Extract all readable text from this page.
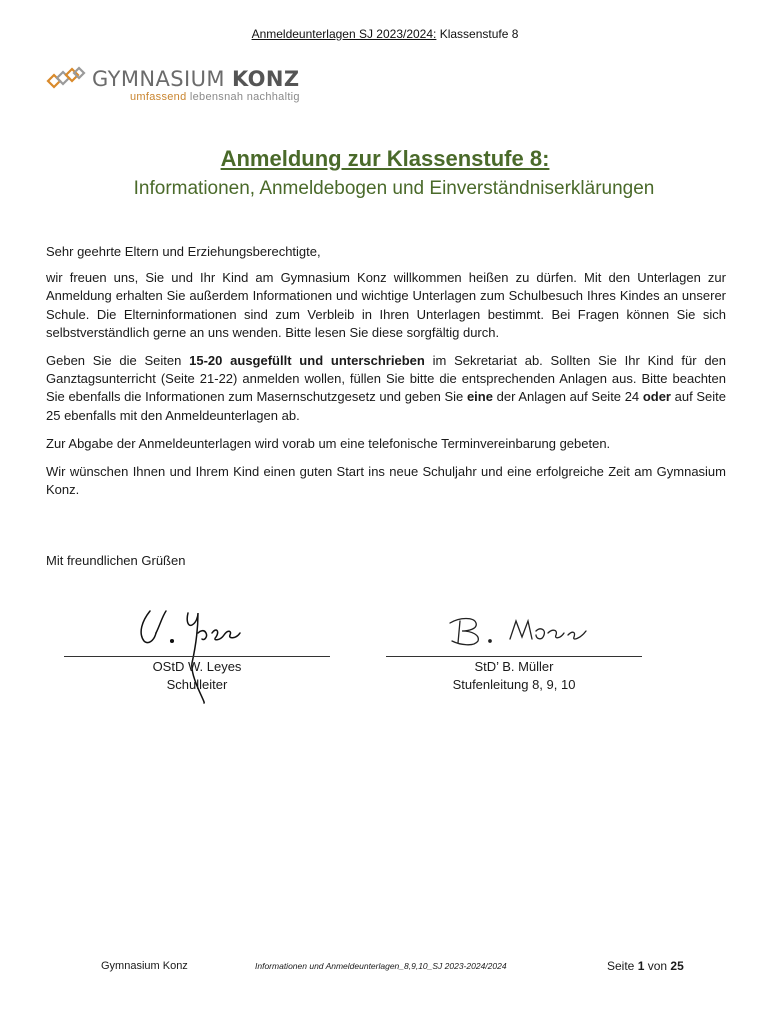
Anmeldeunterlagen SJ 2023/2024: Klassenstufe 8
GYMNASIUM KONZ
umfassend lebensnah nachhaltig
Anmeldung zur Klassenstufe 8:
Informationen, Anmeldebogen und Einverständniserklärungen

Sehr geehrte Eltern und Erziehungsberechtigte,

wir freuen uns, Sie und Ihr Kind am Gymnasium Konz willkommen heißen zu dürfen. Mit den Unterlagen zur Anmeldung erhalten Sie außerdem Informationen und wichtige Unterlagen zum Schulbesuch Ihres Kindes an unserer Schule. Die Elterninformationen sind zum Verbleib in Ihren Unterlagen bestimmt. Bei Fragen können Sie sich selbstverständlich gerne an uns wenden. Bitte lesen Sie diese sorgfältig durch.

Geben Sie die Seiten 15-20 ausgefüllt und unterschrieben im Sekretariat ab. Sollten Sie Ihr Kind für den Ganztagsunterricht (Seite 21-22) anmelden wollen, füllen Sie bitte die entsprechenden Anlagen aus. Bitte beachten Sie ebenfalls die Informationen zum Masernschutzgesetz und geben Sie eine der Anlagen auf Seite 24 oder auf Seite 25 ebenfalls mit den Anmeldeunterlagen ab.

Zur Abgabe der Anmeldeunterlagen wird vorab um eine telefonische Terminvereinbarung gebeten.

Wir wünschen Ihnen und Ihrem Kind einen guten Start ins neue Schuljahr und eine erfolgreiche Zeit am Gymnasium Konz.

Mit freundlichen Grüßen
OStD W. Leyes
Schulleiter
StD’ B. Müller
Stufenleitung 8, 9, 10
Gymnasium Konz	Informationen und Anmeldeunterlagen_8,9,10_SJ 2023-2024/2024	Seite 1 von 25
